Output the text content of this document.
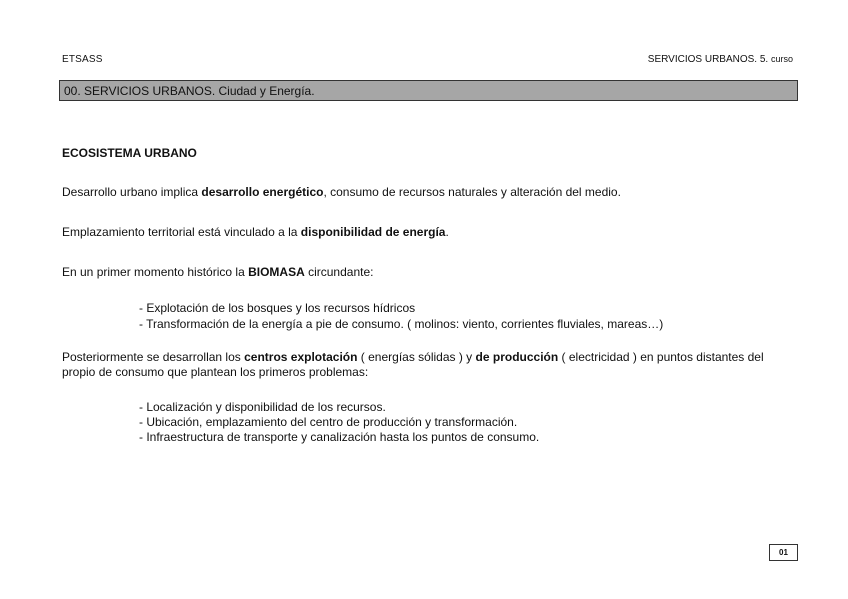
ETSASS	SERVICIOS URBANOS. 5. curso
00. SERVICIOS URBANOS. Ciudad y Energía.

ECOSISTEMA URBANO

Desarrollo urbano implica desarrollo energético, consumo de recursos naturales y alteración del medio.

Emplazamiento territorial está vinculado a la disponibilidad de energía.

En un primer momento histórico la BIOMASA circundante:

- Explotación de los bosques y los recursos hídricos
- Transformación de la energía a pie de consumo. ( molinos: viento, corrientes fluviales, mareas…)

Posteriormente se desarrollan los centros explotación ( energías sólidas ) y de producción ( electricidad ) en puntos distantes del propio de consumo que plantean los primeros problemas:

- Localización y disponibilidad de los recursos.
- Ubicación, emplazamiento del centro de producción y transformación.
- Infraestructura de transporte y canalización hasta los puntos de consumo.
01
